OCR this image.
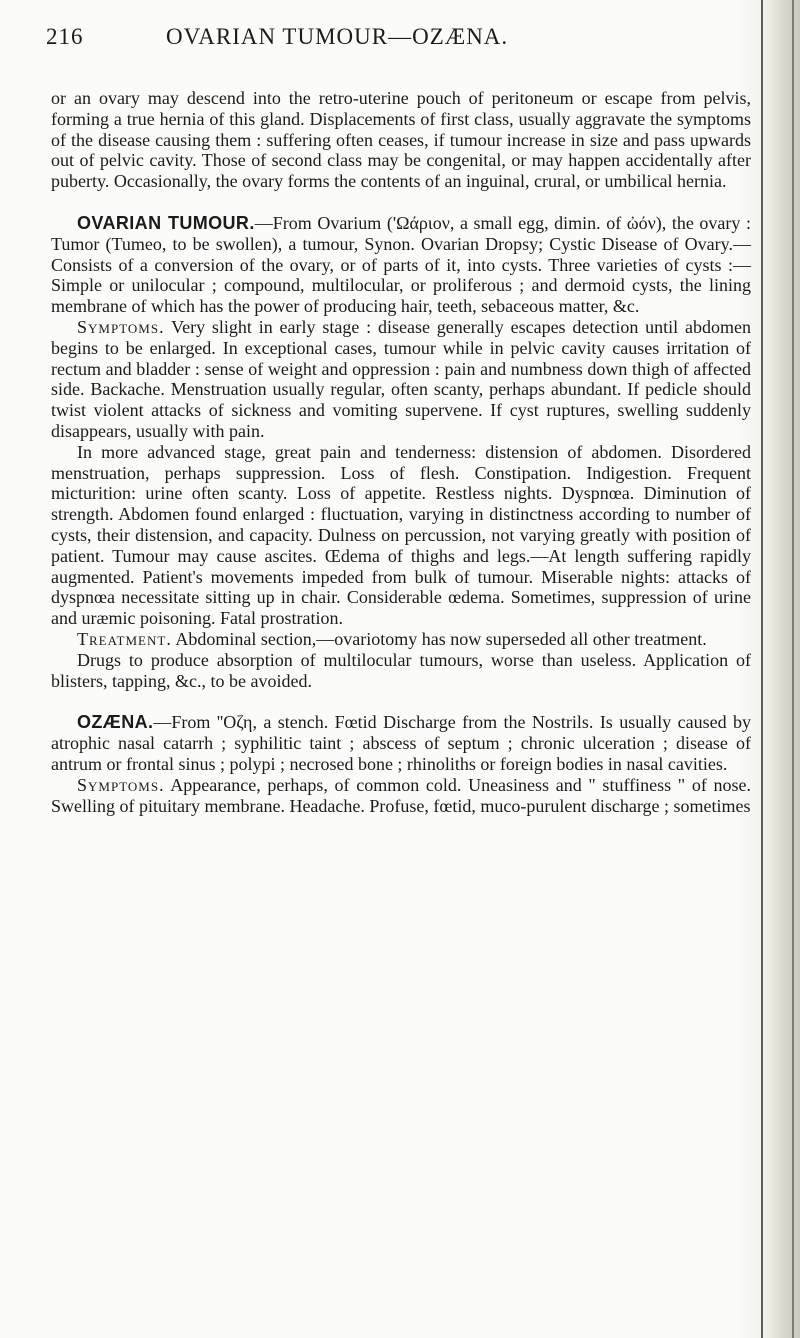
216	OVARIAN TUMOUR—OZÆNA.

or an ovary may descend into the retro-uterine pouch of peritoneum or escape from pelvis, forming a true hernia of this gland. Displacements of first class, usually aggravate the symptoms of the disease causing them : suffering often ceases, if tumour increase in size and pass upwards out of pelvic cavity. Those of second class may be congenital, or may happen accidentally after puberty. Occasionally, the ovary forms the contents of an inguinal, crural, or umbilical hernia.

OVARIAN TUMOUR.—From Ovarium ('Ωάριον, a small egg, dimin. of ὠόν), the ovary : Tumor (Tumeo, to be swollen), a tumour, Synon. Ovarian Dropsy; Cystic Disease of Ovary.—Consists of a conversion of the ovary, or of parts of it, into cysts. Three varieties of cysts :—Simple or unilocular ; compound, multilocular, or proliferous ; and dermoid cysts, the lining membrane of which has the power of producing hair, teeth, sebaceous matter, &c.

Symptoms. Very slight in early stage : disease generally escapes detection until abdomen begins to be enlarged. In exceptional cases, tumour while in pelvic cavity causes irritation of rectum and bladder : sense of weight and oppression : pain and numbness down thigh of affected side. Backache. Menstruation usually regular, often scanty, perhaps abundant. If pedicle should twist violent attacks of sickness and vomiting supervene. If cyst ruptures, swelling suddenly disappears, usually with pain.

In more advanced stage, great pain and tenderness: distension of abdomen. Disordered menstruation, perhaps suppression. Loss of flesh. Constipation. Indigestion. Frequent micturition: urine often scanty. Loss of appetite. Restless nights. Dyspnœa. Diminution of strength. Abdomen found enlarged : fluctuation, varying in distinctness according to number of cysts, their distension, and capacity. Dulness on percussion, not varying greatly with position of patient. Tumour may cause ascites. Œdema of thighs and legs.—At length suffering rapidly augmented. Patient's movements impeded from bulk of tumour. Miserable nights: attacks of dyspnœa necessitate sitting up in chair. Considerable œdema. Sometimes, suppression of urine and uræmic poisoning. Fatal prostration.

Treatment. Abdominal section,—ovariotomy has now superseded all other treatment.

Drugs to produce absorption of multilocular tumours, worse than useless. Application of blisters, tapping, &c., to be avoided.

OZÆNA.—From ''Οζη, a stench. Fœtid Discharge from the Nostrils. Is usually caused by atrophic nasal catarrh ; syphilitic taint ; abscess of septum ; chronic ulceration ; disease of antrum or frontal sinus ; polypi ; necrosed bone ; rhinoliths or foreign bodies in nasal cavities.

Symptoms. Appearance, perhaps, of common cold. Uneasiness and " stuffiness " of nose. Swelling of pituitary membrane. Headache. Profuse, fœtid, muco-purulent discharge ; sometimes
